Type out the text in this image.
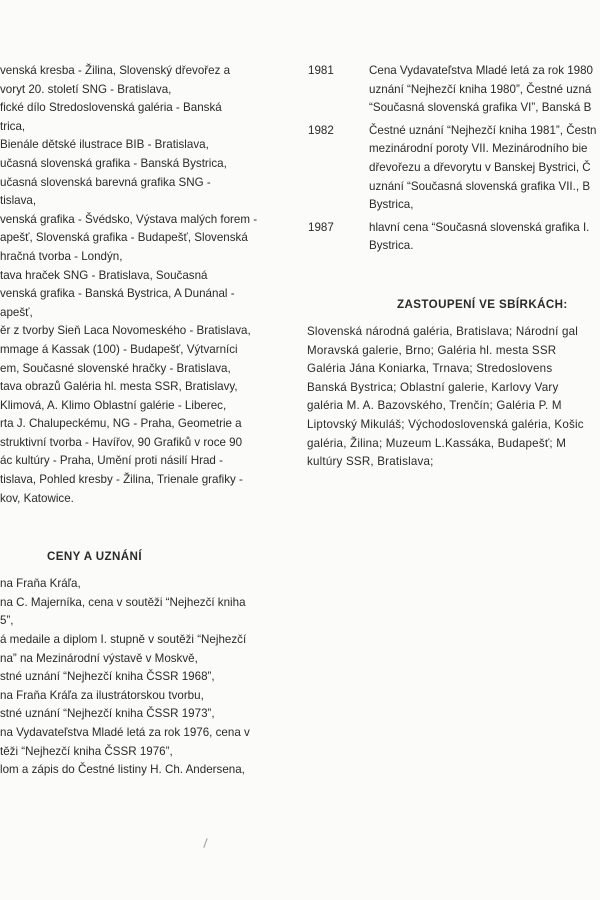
venská kresba - Žilina, Slovenský dřevořez a
voryt 20. století SNG - Bratislava,
fické dílo Stredoslovenská galéria - Banská
trica,
Bienále dětské ilustrace BIB - Bratislava,
učasná slovenská grafika - Banská Bystrica,
učasná slovenská barevná grafika SNG -
tislava,
venská grafika - Švédsko, Výstava malých forem -
apešť, Slovenská grafika - Budapešť, Slovenská
hračná tvorba - Londýn,
tava hraček SNG - Bratislava, Současná
venská grafika - Banská Bystrica, A Dunánal -
apešť,
ěr z tvorby Sieň Laca Novomeského - Bratislava,
mmage á Kassak (100) - Budapešť, Výtvarníci
em, Současné slovenské hračky - Bratislava,
tava obrazů Galéria hl. mesta SSR, Bratislavy,
Klimová, A. Klimo Oblastní galérie - Liberec,
rta J. Chalupeckému, NG - Praha, Geometrie a
struktivní tvorba - Havířov, 90 Grafiků v roce 90
ác kultúry - Praha, Umění proti násilí Hrad -
tislava, Pohled kresby - Žilina, Trienale grafiky -
kov, Katowice.
CENY A UZNÁNÍ
na Fraňa Kráľa,
na C. Majerníka, cena v soutěži “Nejhezčí kniha
5”,
á medaile a diplom I. stupně v soutěži “Nejhezčí
na” na Mezinárodní výstavě v Moskvě,
stné uznání “Nejhezčí kniha ČSSR 1968”,
na Fraňa Kráľa za ilustrátorskou tvorbu,
stné uznání “Nejhezčí kniha ČSSR 1973”,
na Vydavateľstva Mladé letá za rok 1976, cena v
těži “Nejhezčí kniha ČSSR 1976”,
lom a zápis do Čestné listiny H. Ch. Andersena,
1981	Cena Vydavateľstva Mladé letá za rok 1980
uznání “Nejhezčí kniha 1980”, Čestné uzná
“Současná slovenská grafika VI”, Banská B
1982	Čestné uznání “Nejhezčí kniha 1981”, Čestn
mezinárodní poroty VII. Mezinárodního bie
dřevořezu a dřevorytu v Banskej Bystrici, Č
uznání “Současná slovenská grafika VII., B
Bystrica,
1987	hlavní cena “Současná slovenská grafika I.
Bystrica.
ZASTOUPENÍ VE SBÍRKÁCH:
Slovenská národná galéria, Bratislava; Národní gal
Moravská galerie, Brno; Galéria hl. mesta SSR
Galéria Jána Koniarka, Trnava; Stredoslovens
Banská Bystrica; Oblastní galerie, Karlovy Vary
galéria M. A. Bazovského, Trenčín; Galéria P. M
Liptovský Mikuláš; Východoslovenská galéria, Košic
galéria, Žilina; Muzeum L.Kassáka, Budapešť; M
kultúry SSR, Bratislava;
